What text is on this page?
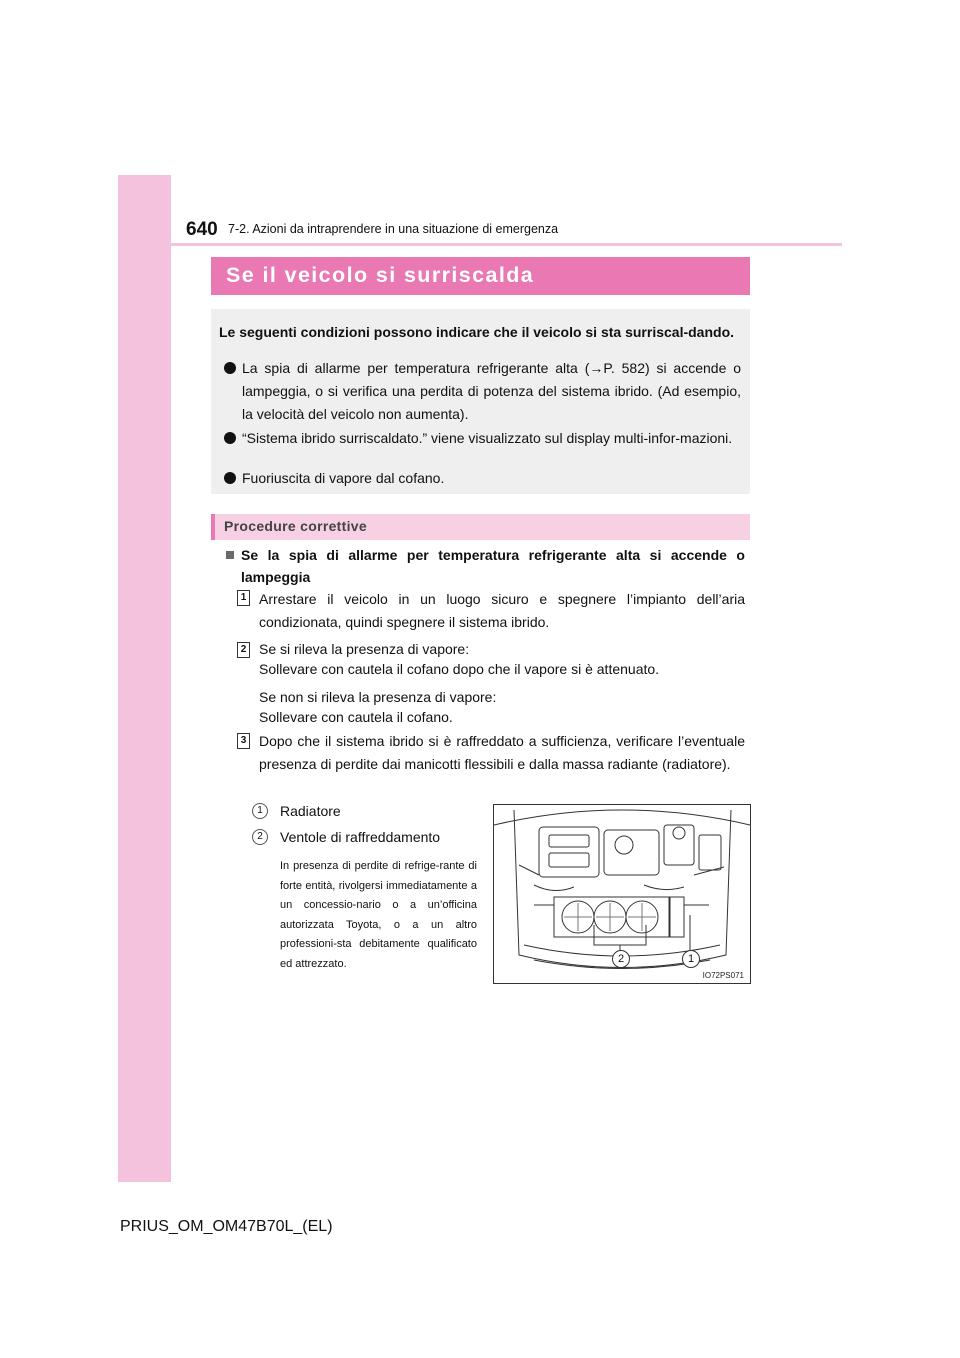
640 7-2. Azioni da intraprendere in una situazione di emergenza
Se il veicolo si surriscalda
Le seguenti condizioni possono indicare che il veicolo si sta surriscal-dando.
La spia di allarme per temperatura refrigerante alta (→P. 582) si accende o lampeggia, o si verifica una perdita di potenza del sistema ibrido. (Ad esempio, la velocità del veicolo non aumenta).
“Sistema ibrido surriscaldato.” viene visualizzato sul display multi-infor-mazioni.
Fuoriuscita di vapore dal cofano.
Procedure correttive
Se la spia di allarme per temperatura refrigerante alta si accende o lampeggia
1 Arrestare il veicolo in un luogo sicuro e spegnere l’impianto dell’aria condizionata, quindi spegnere il sistema ibrido.
2 Se si rileva la presenza di vapore:
Sollevare con cautela il cofano dopo che il vapore si è attenuato.
Se non si rileva la presenza di vapore:
Sollevare con cautela il cofano.
3 Dopo che il sistema ibrido si è raffreddato a sufficienza, verificare l’eventuale presenza di perdite dai manicotti flessibili e dalla massa radiante (radiatore).
1	Radiatore
2	Ventole di raffreddamento
In presenza di perdite di refrige-rante di forte entità, rivolgersi immediatamente a un concessio-nario o a un’officina autorizzata Toyota, o a un altro professioni-sta debitamente qualificato ed attrezzato.	2	1
IO72PS071
PRIUS_OM_OM47B70L_(EL)
